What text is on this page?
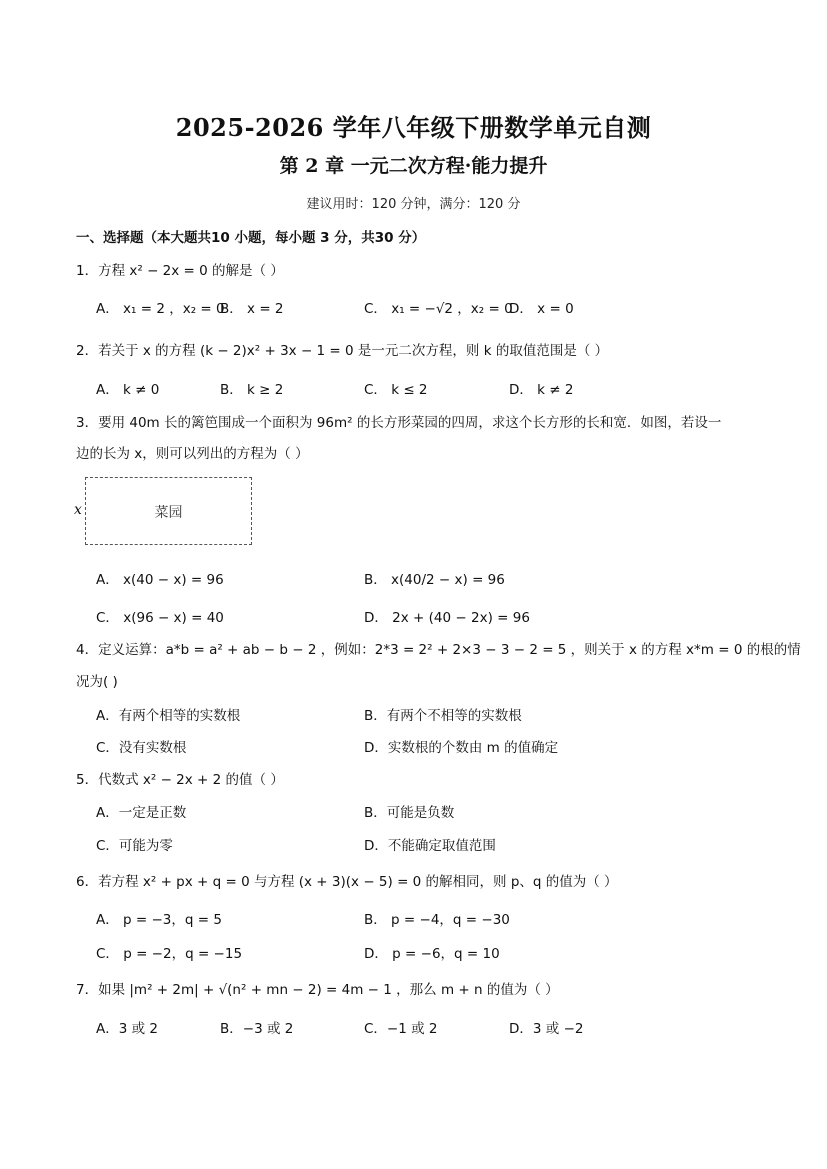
2025-2026 学年八年级下册数学单元自测
第 2 章 一元二次方程·能力提升
建议用时：120 分钟，满分：120 分
一、选择题（本大题共10 小题，每小题 3 分，共30 分）
1．方程 x² − 2x = 0 的解是（ ）
A． x₁ = 2 ，x₂ = 0
B． x = 2	C． x₁ = −√2 ，x₂ = 0
D． x = 0
2．若关于 x 的方程 (k − 2)x² + 3x − 1 = 0 是一元二次方程，则 k 的取值范围是（ ）
A． k ≠ 0	B． k ≥ 2	C． k ≤ 2	D． k ≠ 2
3．要用 40m 长的篱笆围成一个面积为 96m² 的长方形菜园的四周，求这个长方形的长和宽．如图，若设一
边的长为 x，则可以列出的方程为（ ）
x	菜园
A． x(40 − x) = 96	B． x(40/2 − x) = 96
C． x(96 − x) = 40	D． 2x + (40 − 2x) = 96
4．定义运算：a*b = a² + ab − b − 2 ，例如：2*3 = 2² + 2×3 − 3 − 2 = 5 ，则关于 x 的方程 x*m = 0 的根的情
况为( )
A．有两个相等的实数根	B．有两个不相等的实数根
C．没有实数根	D．实数根的个数由 m 的值确定
5．代数式 x² − 2x + 2 的值（ ）
A．一定是正数	B．可能是负数
C．可能为零	D．不能确定取值范围
6．若方程 x² + px + q = 0 与方程 (x + 3)(x − 5) = 0 的解相同，则 p、q 的值为（ ）
A． p = −3，q = 5	B． p = −4，q = −30
C． p = −2，q = −15	D． p = −6，q = 10
7．如果 |m² + 2m| + √(n² + mn − 2) = 4m − 1 ，那么 m + n 的值为（ ）
A．3 或 2	B．−3 或 2	C．−1 或 2	D．3 或 −2
